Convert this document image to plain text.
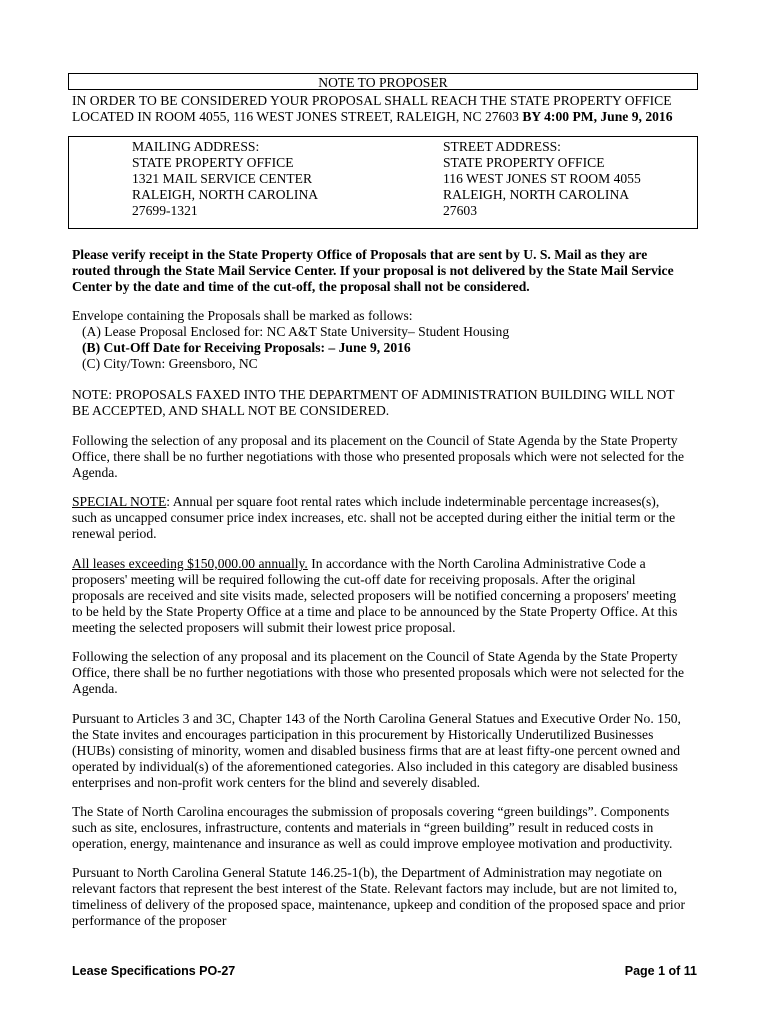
NOTE TO PROPOSER
IN ORDER TO BE CONSIDERED YOUR PROPOSAL SHALL REACH THE STATE PROPERTY OFFICE
LOCATED IN ROOM 4055, 116 WEST JONES STREET, RALEIGH, NC 27603 BY 4:00 PM, June 9, 2016
MAILING ADDRESS:
STATE PROPERTY OFFICE
1321 MAIL SERVICE CENTER
RALEIGH, NORTH CAROLINA
27699-1321
STREET ADDRESS:
STATE PROPERTY OFFICE
116 WEST JONES ST ROOM 4055
RALEIGH, NORTH CAROLINA
27603
Please verify receipt in the State Property Office of Proposals that are sent by U. S. Mail as they are
routed through the State Mail Service Center. If your proposal is not delivered by the State Mail Service
Center by the date and time of the cut-off, the proposal shall not be considered.
Envelope containing the Proposals shall be marked as follows:
(A) Lease Proposal Enclosed for: NC A&T State University– Student Housing
(B) Cut-Off Date for Receiving Proposals: – June 9, 2016
(C) City/Town: Greensboro, NC
NOTE: PROPOSALS FAXED INTO THE DEPARTMENT OF ADMINISTRATION BUILDING WILL NOT
BE ACCEPTED, AND SHALL NOT BE CONSIDERED.
Following the selection of any proposal and its placement on the Council of State Agenda by the State Property
Office, there shall be no further negotiations with those who presented proposals which were not selected for the
Agenda.
SPECIAL NOTE: Annual per square foot rental rates which include indeterminable percentage increases(s),
such as uncapped consumer price index increases, etc. shall not be accepted during either the initial term or the
renewal period.
All leases exceeding $150,000.00 annually. In accordance with the North Carolina Administrative Code a
proposers' meeting will be required following the cut-off date for receiving proposals. After the original
proposals are received and site visits made, selected proposers will be notified concerning a proposers' meeting
to be held by the State Property Office at a time and place to be announced by the State Property Office. At this
meeting the selected proposers will submit their lowest price proposal.
Following the selection of any proposal and its placement on the Council of State Agenda by the State Property
Office, there shall be no further negotiations with those who presented proposals which were not selected for the
Agenda.
Pursuant to Articles 3 and 3C, Chapter 143 of the North Carolina General Statues and Executive Order No. 150,
the State invites and encourages participation in this procurement by Historically Underutilized Businesses
(HUBs) consisting of minority, women and disabled business firms that are at least fifty-one percent owned and
operated by individual(s) of the aforementioned categories. Also included in this category are disabled business
enterprises and non-profit work centers for the blind and severely disabled.
The State of North Carolina encourages the submission of proposals covering “green buildings”. Components
such as site, enclosures, infrastructure, contents and materials in “green building” result in reduced costs in
operation, energy, maintenance and insurance as well as could improve employee motivation and productivity.
Pursuant to North Carolina General Statute 146.25-1(b), the Department of Administration may negotiate on
relevant factors that represent the best interest of the State. Relevant factors may include, but are not limited to,
timeliness of delivery of the proposed space, maintenance, upkeep and condition of the proposed space and prior
performance of the proposer
Lease Specifications PO-27	Page 1 of 11
